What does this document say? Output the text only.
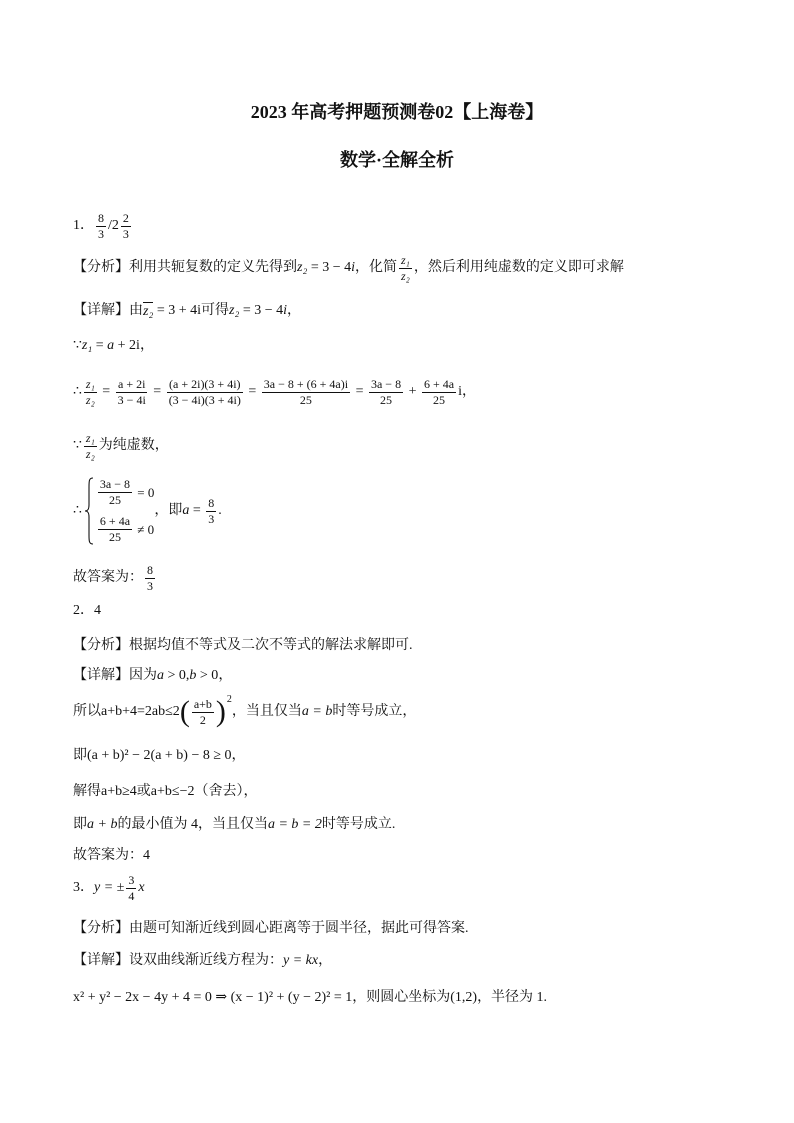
2023 年高考押题预测卷02【上海卷】
数学·全解全析
1． $\frac{8}{3} / 2 \frac{2}{3}$
【分析】 利用共轭复数的定义先得到 z₂ = 3 − 4 i ，化简 $\frac{\text{z₁}}{\text{z₂}}$ ，然后利用纯虚数的定义即可求解
【详解】 由 z₂ = 3 + 4i 可得 z₂ = 3 − 4 i ，
∵ z₁ = a + 2i ，
∴ $\frac{\text{z₁}}{\text{z₂}} = \frac{a + 2i}{3 - 4i} = \frac{(a + 2i)(3 + 4i)}{(3 - 4i)(3 + 4i)} = \frac{3a - 8 + (6 + 4a)i}{25} = \frac{3a - 8}{25} + \frac{6 + 4a}{25}$ i，
∵ $\frac{\text{z₁}}{\text{z₂}}$ 为纯虚数，
∴
$\frac{3a - 8}{25} = 0$
$\frac{6 + 4a}{25} \ne 0$
，即 $a = \frac{8}{3}$ .
故答案为： $\frac{8}{3}$
2． 4
【分析】 根据均值不等式及二次不等式的解法求解即可.
【详解】 因为 a > 0, b > 0 ，
所以 a+b+4=2ab≤2 ( $\frac{a+b}{2}$ ) 2
，当且仅当 a = b 时等号成立，
即 (a + b)² − 2(a + b) − 8 ≥ 0 ，
解得 a+b≥4 或 a+b≤−2 （舍去），
即 a + b 的最小值为 4，当且仅当 a = b = 2 时等号成立.
故答案为： 4
3． y = ± $\frac{3}{4}$ x
【分析】 由题可知渐近线到圆心距离等于圆半径，据此可得答案.
【详解】 设双曲线渐近线方程为： y = kx ，
x² + y² − 2x − 4y + 4 = 0 ⇒ (x − 1)² + (y − 2)² = 1 ，则圆心坐标为 (1,2) ，半径为 1.
